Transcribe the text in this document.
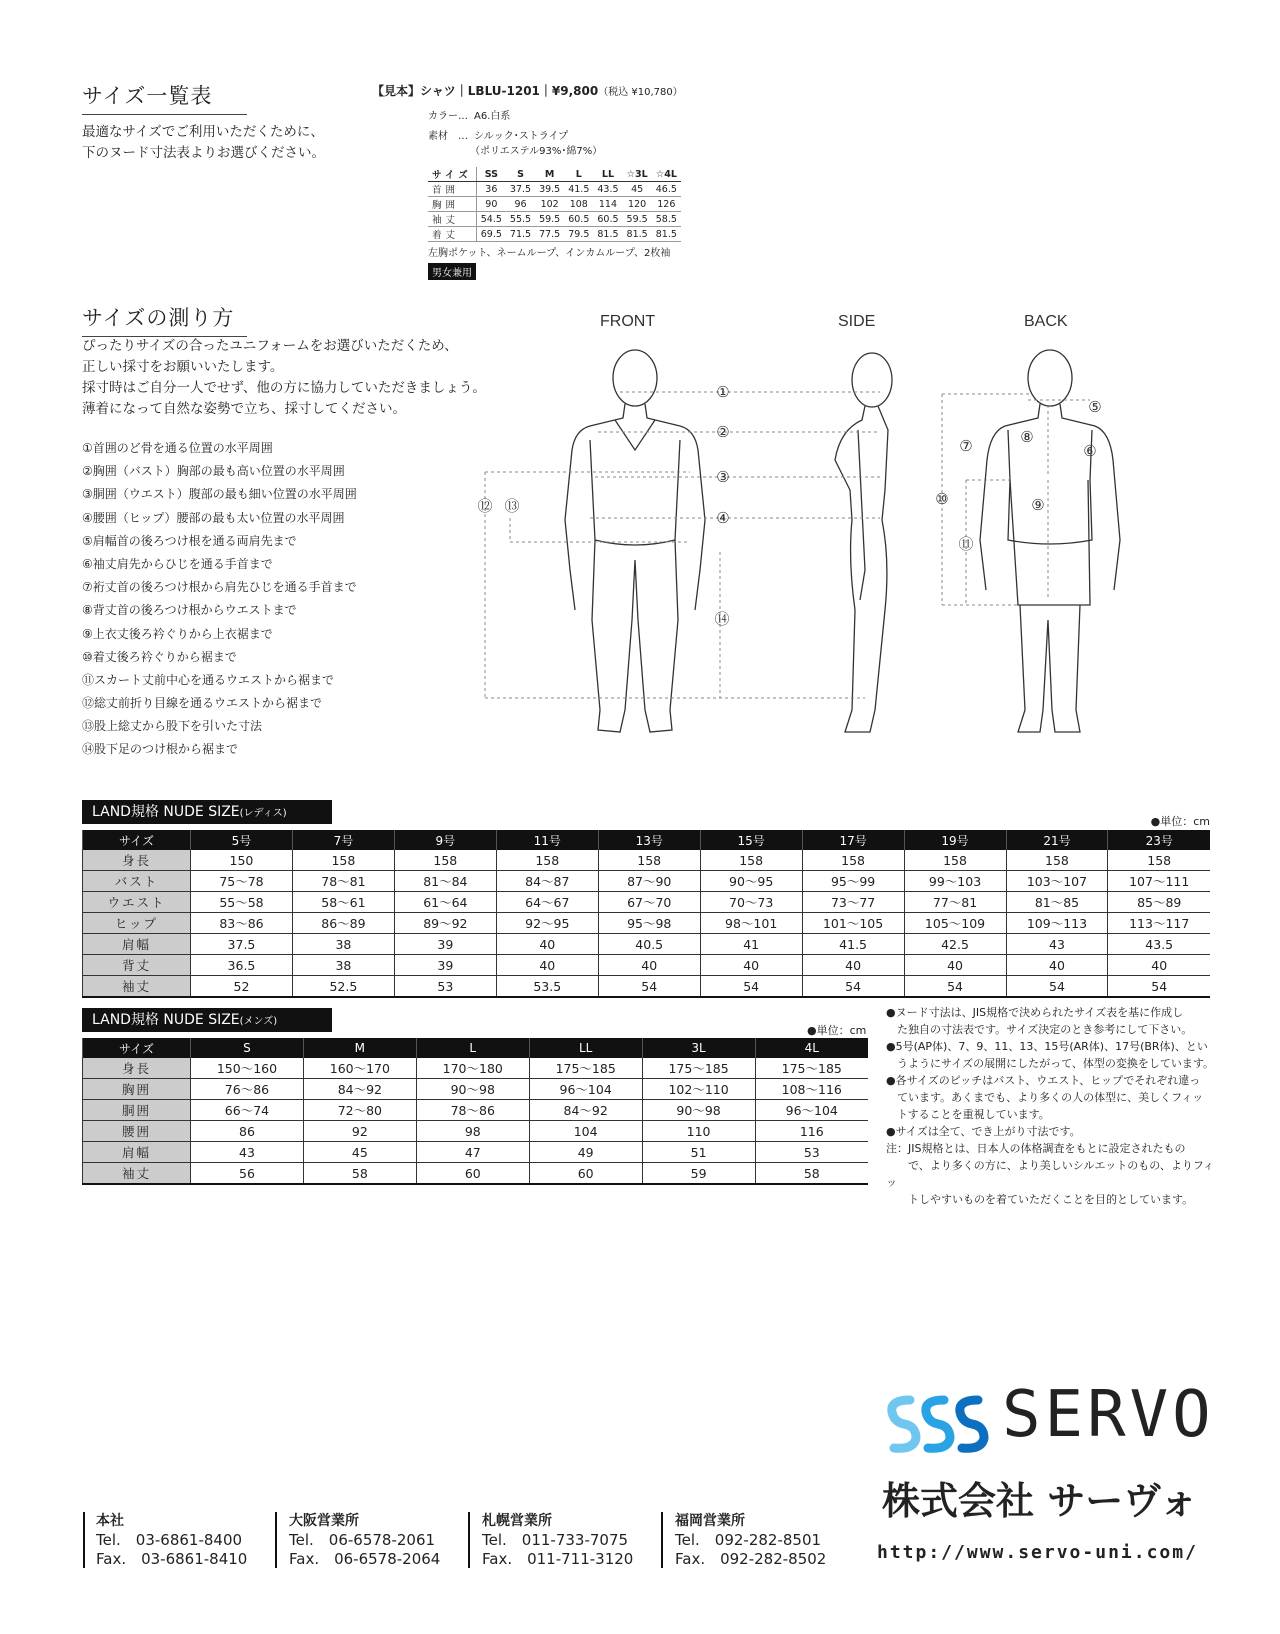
サイズ一覧表
最適なサイズでご利用いただくために、
下のヌード寸法表よりお選びください。
【見本】シャツ｜LBLU-1201｜¥9,800（税込 ¥10,780）
カラー… A6.白系
素材　… シルック･ストライプ
（ポリエステル93%･綿7%）
サイズ	SS	S	M	L	LL	☆3L	☆4L
首囲	36	37.5	39.5	41.5	43.5	45	46.5
胸囲	90	96	102	108	114	120	126
袖丈	54.5	55.5	59.5	60.5	60.5	59.5	58.5
着丈	69.5	71.5	77.5	79.5	81.5	81.5	81.5
左胸ポケット、ネームループ、インカムループ、2枚袖
男女兼用
サイズの測り方
ぴったりサイズの合ったユニフォームをお選びいただくため、
正しい採寸をお願いいたします。
採寸時はご自分一人でせず、他の方に協力していただきましょう。
薄着になって自然な姿勢で立ち、採寸してください。
①首囲のど骨を通る位置の水平周囲
②胸囲（バスト）胸部の最も高い位置の水平周囲
③胴囲（ウエスト）腹部の最も細い位置の水平周囲
④腰囲（ヒップ）腰部の最も太い位置の水平周囲
⑤肩幅首の後ろつけ根を通る両肩先まで
⑥袖丈肩先からひじを通る手首まで
⑦裄丈首の後ろつけ根から肩先ひじを通る手首まで
⑧背丈首の後ろつけ根からウエストまで
⑨上衣丈後ろ衿ぐりから上衣裾まで
⑩着丈後ろ衿ぐりから裾まで
⑪スカート丈前中心を通るウエストから裾まで
⑫総丈前折り目線を通るウエストから裾まで
⑬股上総丈から股下を引いた寸法
⑭股下足のつけ根から裾まで
FRONT	SIDE	BACK
①
②
③
④
⑤
⑥
⑦
⑧
⑨
⑩
⑪
⑫ ⑬
⑭
LAND規格 NUDE SIZE(レディス)
●単位：cm
サイズ	5号	7号	9号	11号	13号	15号	17号	19号	21号	23号
身長	150	158	158	158	158	158	158	158	158	158
バスト	75〜78	78〜81	81〜84	84〜87	87〜90	90〜95	95〜99	99〜103	103〜107	107〜111
ウエスト	55〜58	58〜61	61〜64	64〜67	67〜70	70〜73	73〜77	77〜81	81〜85	85〜89
ヒップ	83〜86	86〜89	89〜92	92〜95	95〜98	98〜101	101〜105	105〜109	109〜113	113〜117
肩幅	37.5	38	39	40	40.5	41	41.5	42.5	43	43.5
背丈	36.5	38	39	40	40	40	40	40	40	40
袖丈	52	52.5	53	53.5	54	54	54	54	54	54
LAND規格 NUDE SIZE(メンズ)
●単位：cm
サイズ	S	M	L	LL	3L	4L
身長	150〜160	160〜170	170〜180	175〜185	175〜185	175〜185
胸囲	76〜86	84〜92	90〜98	96〜104	102〜110	108〜116
胴囲	66〜74	72〜80	78〜86	84〜92	90〜98	96〜104
腰囲	86	92	98	104	110	116
肩幅	43	45	47	49	51	53
袖丈	56	58	60	60	59	58
●ヌード寸法は、JIS規格で決められたサイズ表を基に作成し
　た独自の寸法表です。サイズ決定のとき参考にして下さい。
●5号(AP体)、7、9、11、13、15号(AR体)、17号(BR体)、とい
　うようにサイズの展開にしたがって、体型の変換をしています。
●各サイズのピッチはバスト、ウエスト、ヒップでそれぞれ違っ
　ています。あくまでも、より多くの人の体型に、美しくフィッ
　トすることを重視しています。
●サイズは全て、でき上がり寸法です。
注：JIS規格とは、日本人の体格調査をもとに設定されたもの
　　で、より多くの方に、より美しいシルエットのもの、よりフィッ
　　トしやすいものを着ていただくことを目的としています。
SERVO
株式会社 サーヴォ
http://www.servo-uni.com/
本社
Tel.　03-6861-8400
Fax.　03-6861-8410
大阪営業所
Tel.　06-6578-2061
Fax.　06-6578-2064
札幌営業所
Tel.　011-733-7075
Fax.　011-711-3120
福岡営業所
Tel.　092-282-8501
Fax.　092-282-8502
